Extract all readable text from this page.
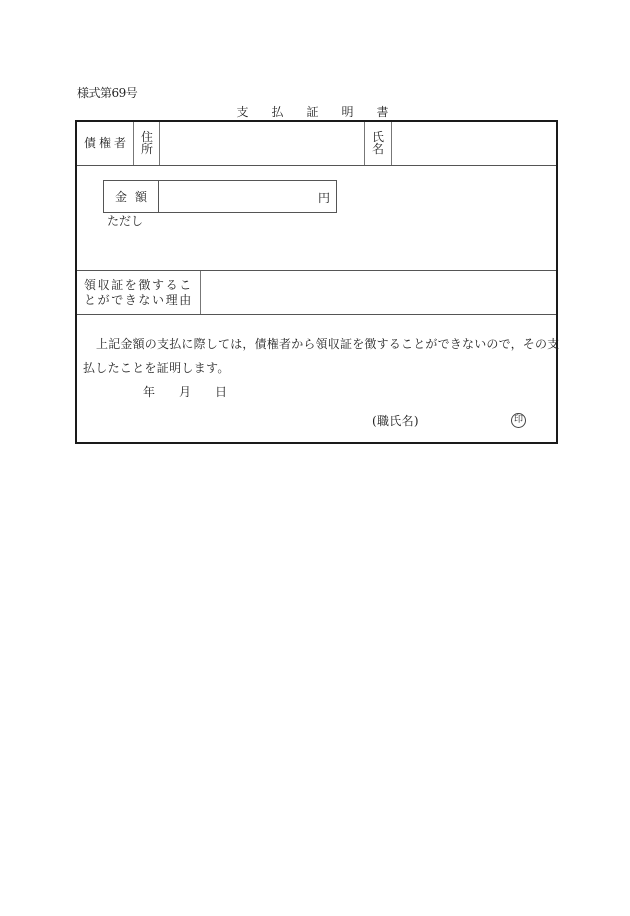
様式第69号
支 払 証 明 書
債権者 住
所
氏
名
金額	円
ただし
領収証を徴するこ
とができない理由
上記金額の支払に際しては，債権者から領収証を徴することができないので，その支
払したことを証明します。
年 月 日
(職氏名)	印
